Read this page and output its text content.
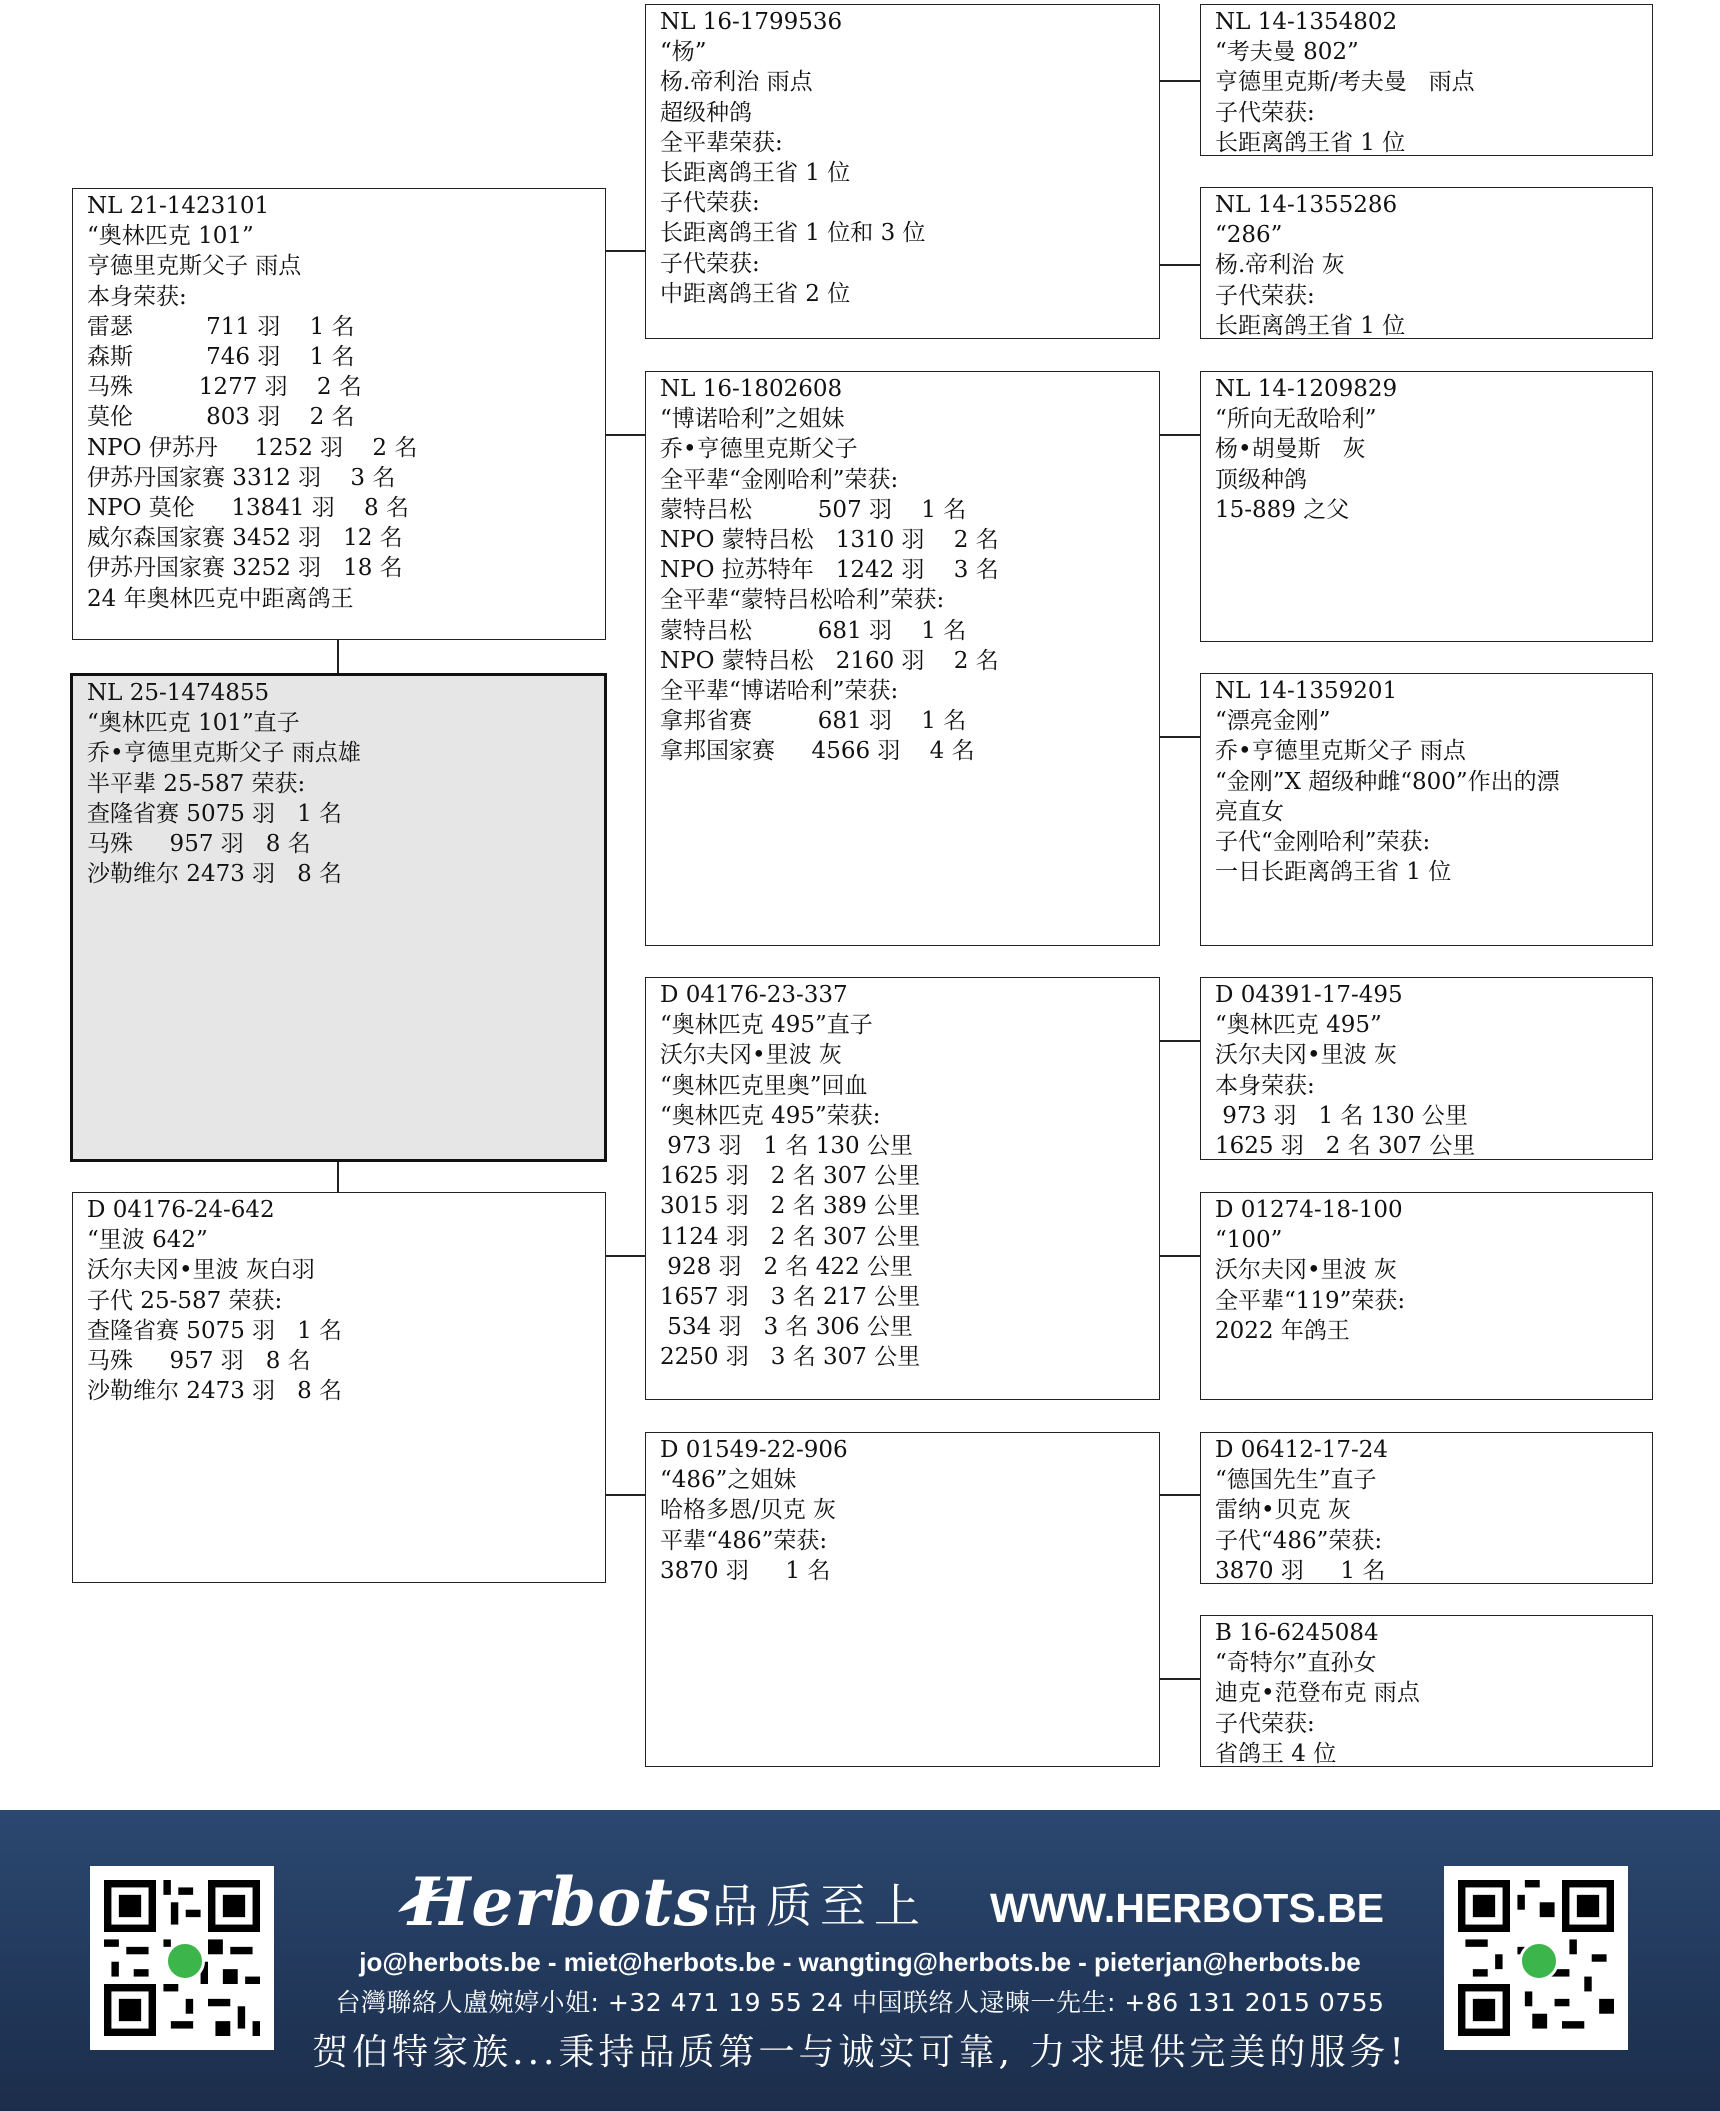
NL 21-1423101
“奥林匹克 101”
亨德里克斯父子 雨点
本身荣获:
雷瑟          711 羽    1 名
森斯          746 羽    1 名
马殊         1277 羽    2 名
莫伦          803 羽    2 名
NPO 伊苏丹     1252 羽    2 名
伊苏丹国家赛 3312 羽    3 名
NPO 莫伦     13841 羽    8 名
威尔森国家赛 3452 羽   12 名
伊苏丹国家赛 3252 羽   18 名
24 年奥林匹克中距离鸽王
NL 25-1474855
“奥林匹克 101”直子
乔•亨德里克斯父子 雨点雄
半平辈 25-587 荣获:
查隆省赛 5075 羽   1 名
马殊     957 羽   8 名
沙勒维尔 2473 羽   8 名
D 04176-24-642
“里波 642”
沃尔夫冈•里波 灰白羽
子代 25-587 荣获:
查隆省赛 5075 羽   1 名
马殊     957 羽   8 名
沙勒维尔 2473 羽   8 名
NL 16-1799536
“杨”
杨.帝利治 雨点
超级种鸽
全平辈荣获:
长距离鸽王省 1 位
子代荣获:
长距离鸽王省 1 位和 3 位
子代荣获:
中距离鸽王省 2 位
NL 16-1802608
“博诺哈利”之姐妹
乔•亨德里克斯父子
全平辈“金刚哈利”荣获:
蒙特吕松         507 羽    1 名
NPO 蒙特吕松   1310 羽    2 名
NPO 拉苏特年   1242 羽    3 名
全平辈“蒙特吕松哈利”荣获:
蒙特吕松         681 羽    1 名
NPO 蒙特吕松   2160 羽    2 名
全平辈“博诺哈利”荣获:
拿邦省赛         681 羽    1 名
拿邦国家赛     4566 羽    4 名
D 04176-23-337
“奥林匹克 495”直子
沃尔夫冈•里波 灰
“奥林匹克里奥”回血
“奥林匹克 495”荣获:
973 羽   1 名 130 公里
1625 羽   2 名 307 公里
3015 羽   2 名 389 公里
1124 羽   2 名 307 公里
928 羽   2 名 422 公里
1657 羽   3 名 217 公里
534 羽   3 名 306 公里
2250 羽   3 名 307 公里
D 01549-22-906
“486”之姐妹
哈格多恩/贝克 灰
平辈“486”荣获:
3870 羽     1 名
NL 14-1354802
“考夫曼 802”
亨德里克斯/考夫曼   雨点
子代荣获:
长距离鸽王省 1 位
NL 14-1355286
“286”
杨.帝利治 灰
子代荣获:
长距离鸽王省 1 位
NL 14-1209829
“所向无敌哈利”
杨•胡曼斯   灰
顶级种鸽
15-889 之父
NL 14-1359201
“漂亮金刚”
乔•亨德里克斯父子 雨点
“金刚”X 超级种雌“800”作出的漂
亮直女
子代“金刚哈利”荣获:
一日长距离鸽王省 1 位
D 04391-17-495
“奥林匹克 495”
沃尔夫冈•里波 灰
本身荣获:
973 羽   1 名 130 公里
1625 羽   2 名 307 公里
D 01274-18-100
“100”
沃尔夫冈•里波 灰
全平辈“119”荣获:
2022 年鸽王
D 06412-17-24
“德国先生”直子
雷纳•贝克 灰
子代“486”荣获:
3870 羽     1 名
B 16-6245084
“奇特尔”直孙女
迪克•范登布克 雨点
子代荣获:
省鸽王 4 位
Herbots 品质至上 WWW.HERBOTS.BE
jo@herbots.be - miet@herbots.be - wangting@herbots.be - pieterjan@herbots.be
台灣聯絡人盧婉婷小姐: +32 471 19 55 24 中国联络人逯暕一先生: +86 131 2015 0755
贺伯特家族...秉持品质第一与诚实可靠, 力求提供完美的服务!
